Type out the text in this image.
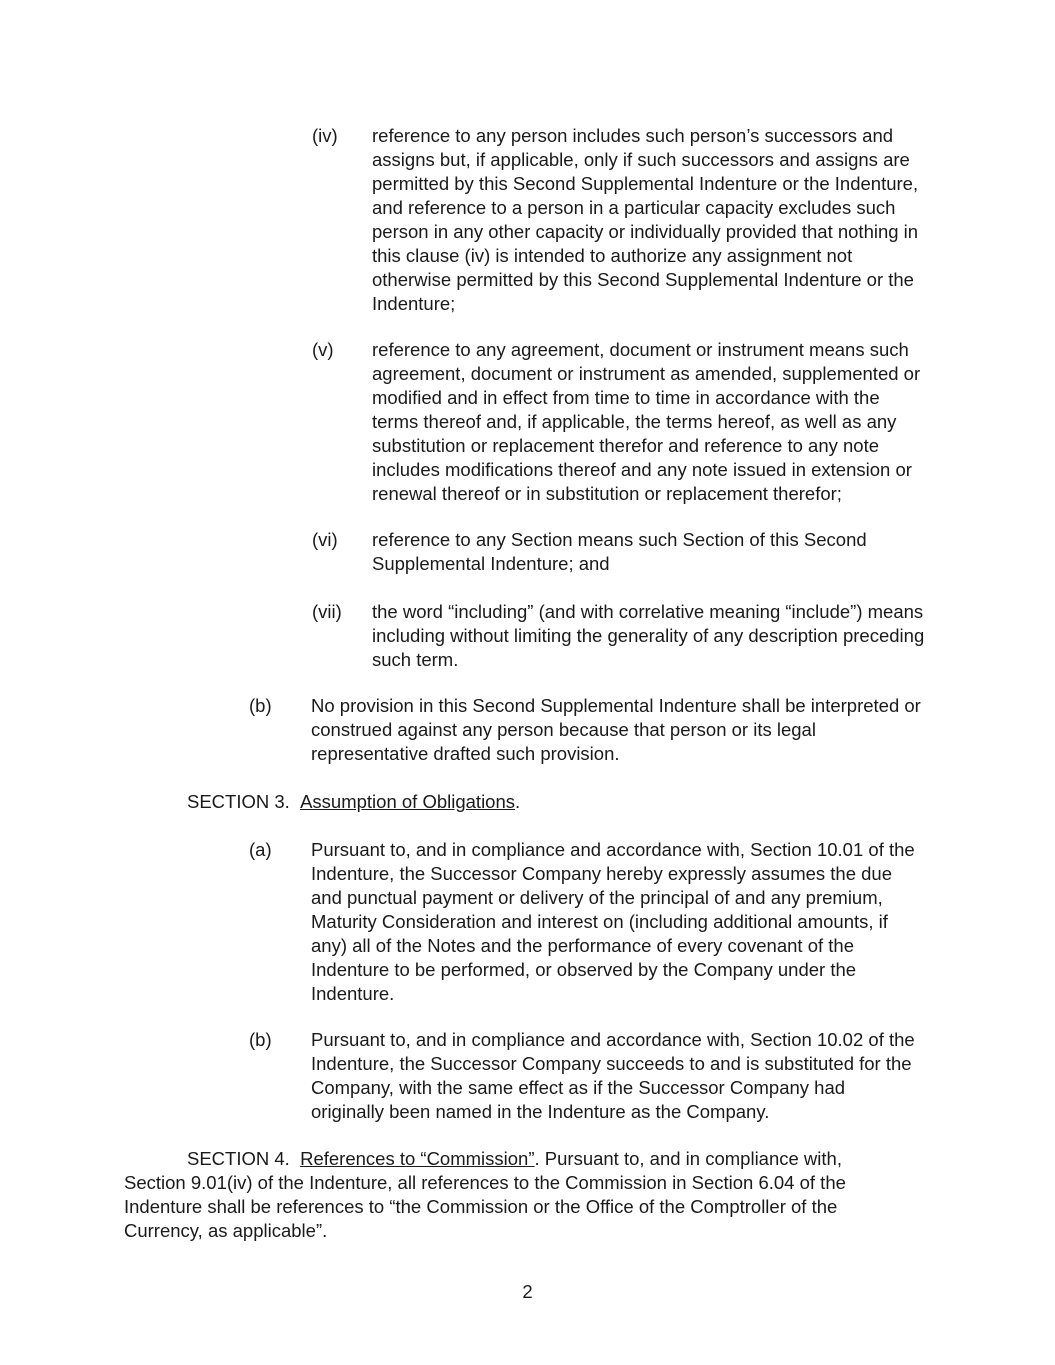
(iv) reference to any person includes such person’s successors and assigns but, if applicable, only if such successors and assigns are permitted by this Second Supplemental Indenture or the Indenture, and reference to a person in a particular capacity excludes such person in any other capacity or individually provided that nothing in this clause (iv) is intended to authorize any assignment not otherwise permitted by this Second Supplemental Indenture or the Indenture;
(v) reference to any agreement, document or instrument means such agreement, document or instrument as amended, supplemented or modified and in effect from time to time in accordance with the terms thereof and, if applicable, the terms hereof, as well as any substitution or replacement therefor and reference to any note includes modifications thereof and any note issued in extension or renewal thereof or in substitution or replacement therefor;
(vi) reference to any Section means such Section of this Second Supplemental Indenture; and
(vii) the word “including” (and with correlative meaning “include”) means including without limiting the generality of any description preceding such term.
(b) No provision in this Second Supplemental Indenture shall be interpreted or construed against any person because that person or its legal representative drafted such provision.
SECTION 3. Assumption of Obligations.
(a) Pursuant to, and in compliance and accordance with, Section 10.01 of the Indenture, the Successor Company hereby expressly assumes the due and punctual payment or delivery of the principal of and any premium, Maturity Consideration and interest on (including additional amounts, if any) all of the Notes and the performance of every covenant of the Indenture to be performed, or observed by the Company under the Indenture.
(b) Pursuant to, and in compliance and accordance with, Section 10.02 of the Indenture, the Successor Company succeeds to and is substituted for the Company, with the same effect as if the Successor Company had originally been named in the Indenture as the Company.
SECTION 4. References to “Commission”. Pursuant to, and in compliance with,
Section 9.01(iv) of the Indenture, all references to the Commission in Section 6.04 of the Indenture shall be references to “the Commission or the Office of the Comptroller of the Currency, as applicable”.
2
